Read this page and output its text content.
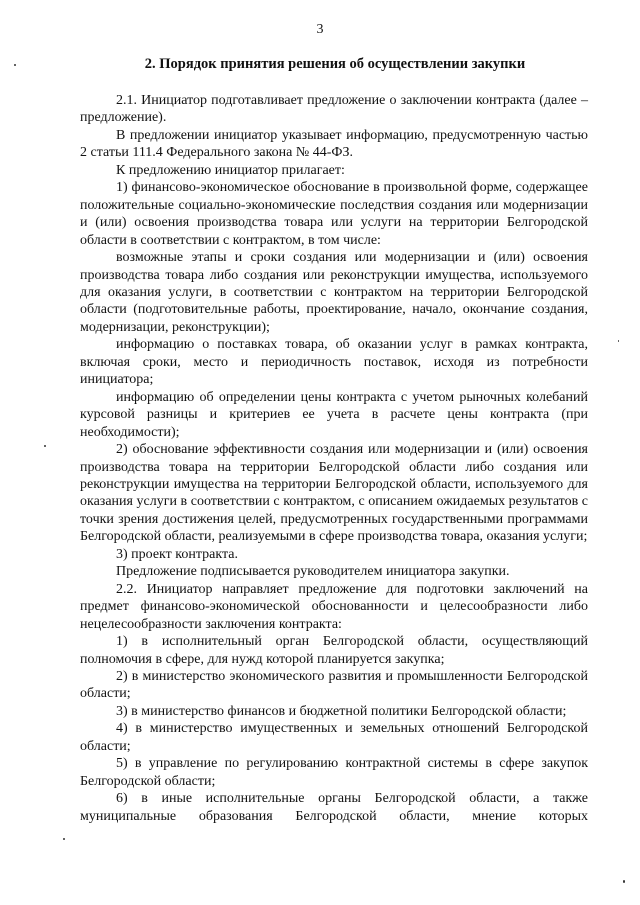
3
2. Порядок принятия решения об осуществлении закупки

2.1. Инициатор подготавливает предложение о заключении контракта (далее – предложение).

В предложении инициатор указывает информацию, предусмотренную частью 2 статьи 111.4 Федерального закона № 44-ФЗ.

К предложению инициатор прилагает:

1) финансово-экономическое обоснование в произвольной форме, содержащее положительные социально-экономические последствия создания или модернизации и (или) освоения производства товара или услуги на территории Белгородской области в соответствии с контрактом, в том числе:

возможные этапы и сроки создания или модернизации и (или) освоения производства товара либо создания или реконструкции имущества, используемого для оказания услуги, в соответствии с контрактом на территории Белгородской области (подготовительные работы, проектирование, начало, окончание создания, модернизации, реконструкции);

информацию о поставках товара, об оказании услуг в рамках контракта, включая сроки, место и периодичность поставок, исходя из потребности инициатора;

информацию об определении цены контракта с учетом рыночных колебаний курсовой разницы и критериев ее учета в расчете цены контракта (при необходимости);

2) обоснование эффективности создания или модернизации и (или) освоения производства товара на территории Белгородской области либо создания или реконструкции имущества на территории Белгородской области, используемого для оказания услуги в соответствии с контрактом, с описанием ожидаемых результатов с точки зрения достижения целей, предусмотренных государственными программами Белгородской области, реализуемыми в сфере производства товара, оказания услуги;

3) проект контракта.

Предложение подписывается руководителем инициатора закупки.

2.2. Инициатор направляет предложение для подготовки заключений на предмет финансово-экономической обоснованности и целесообразности либо нецелесообразности заключения контракта:

1) в исполнительный орган Белгородской области, осуществляющий полномочия в сфере, для нужд которой планируется закупка;

2) в министерство экономического развития и промышленности Белгородской области;

3) в министерство финансов и бюджетной политики Белгородской области;

4) в министерство имущественных и земельных отношений Белгородской области;

5) в управление по регулированию контрактной системы в сфере закупок Белгородской области;

6) в иные исполнительные органы Белгородской области, а также муниципальные образования Белгородской области, мнение которых
